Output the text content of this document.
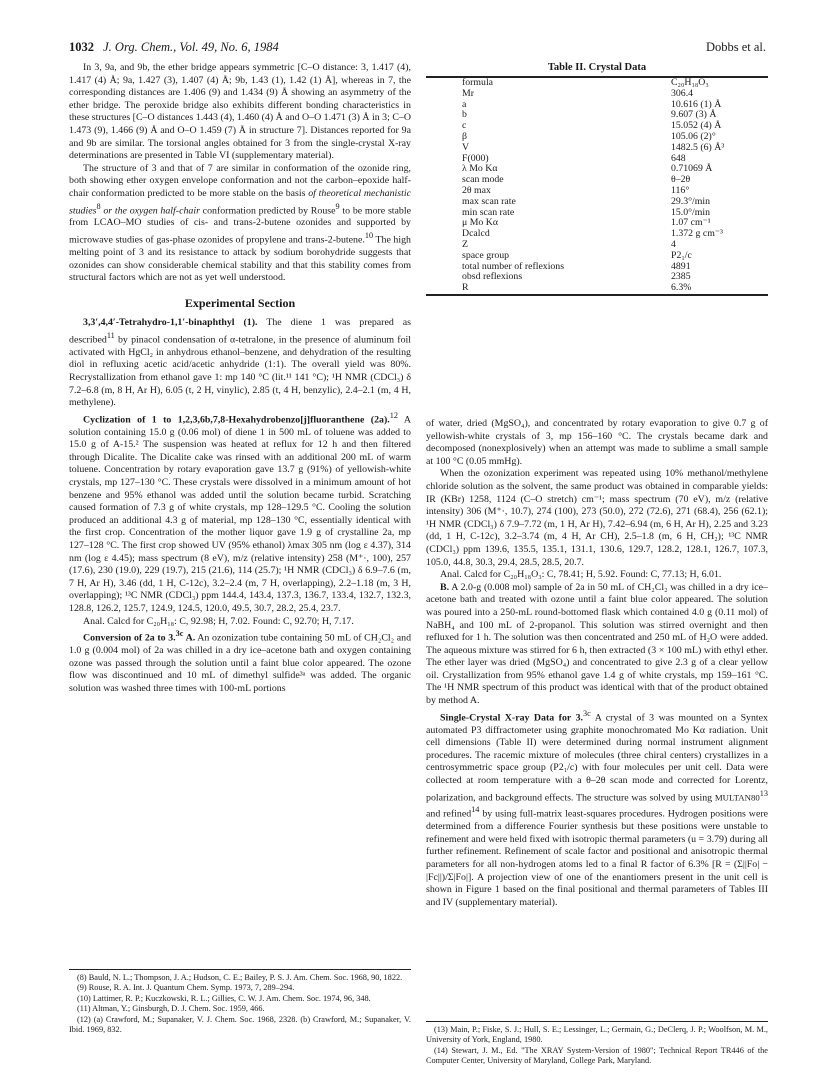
1032 J. Org. Chem., Vol. 49, No. 6, 1984	Dobbs et al.

In 3, 9a, and 9b, the ether bridge appears symmetric [C–O distance: 3, 1.417 (4), 1.417 (4) Å; 9a, 1.427 (3), 1.407 (4) Å; 9b, 1.43 (1), 1.42 (1) Å], whereas in 7, the corresponding distances are 1.406 (9) and 1.434 (9) Å showing an asymmetry of the ether bridge. The peroxide bridge also exhibits different bonding characteristics in these structures [C–O distances 1.443 (4), 1.460 (4) Å and O–O 1.471 (3) Å in 3; C–O 1.473 (9), 1.466 (9) Å and O–O 1.459 (7) Å in structure 7]. Distances reported for 9a and 9b are similar. The torsional angles obtained for 3 from the single-crystal X-ray determinations are presented in Table VI (supplementary material).

The structure of 3 and that of 7 are similar in conformation of the ozonide ring, both showing ether oxygen envelope conformation and not the carbon–epoxide half-chair conformation predicted to be more stable on the basis of theoretical mechanistic studies$^8$ or the oxygen half-chair conformation predicted by Rouse$^9$ to be more stable from LCAO–MO studies of cis- and trans-2-butene ozonides and supported by microwave studies of gas-phase ozonides of propylene and trans-2-butene.$^{10}$ The high melting point of 3 and its resistance to attack by sodium borohydride suggests that ozonides can show considerable chemical stability and that this stability comes from structural factors which are not as yet well understood.

Experimental Section

3,3′,4,4′-Tetrahydro-1,1′-binaphthyl (1). The diene 1 was prepared as described$^{11}$ by pinacol condensation of α-tetralone, in the presence of aluminum foil activated with HgCl₂ in anhydrous ethanol–benzene, and dehydration of the resulting diol in refluxing acetic acid/acetic anhydride (1:1). The overall yield was 80%. Recrystallization from ethanol gave 1: mp 140 °C (lit.¹¹ 141 °C); ¹H NMR (CDCl₃) δ 7.2–6.8 (m, 8 H, Ar H), 6.05 (t, 2 H, vinylic), 2.85 (t, 4 H, benzylic), 2.4–2.1 (m, 4 H, methylene).

Cyclization of 1 to 1,2,3,6b,7,8-Hexahydrobenzo[j]fluoranthene (2a).$^{12}$ A solution containing 15.0 g (0.06 mol) of diene 1 in 500 mL of toluene was added to 15.0 g of A-15.² The suspension was heated at reflux for 12 h and then filtered through Dicalite. The Dicalite cake was rinsed with an additional 200 mL of warm toluene. Concentration by rotary evaporation gave 13.7 g (91%) of yellowish-white crystals, mp 127–130 °C. These crystals were dissolved in a minimum amount of hot benzene and 95% ethanol was added until the solution became turbid. Scratching caused formation of 7.3 g of white crystals, mp 128–129.5 °C. Cooling the solution produced an additional 4.3 g of material, mp 128–130 °C, essentially identical with the first crop. Concentration of the mother liquor gave 1.9 g of crystalline 2a, mp 127–128 °C. The first crop showed UV (95% ethanol) λmax 305 nm (log ε 4.37), 314 nm (log ε 4.45); mass spectrum (8 eV), m/z (relative intensity) 258 (M⁺·, 100), 257 (17.6), 230 (19.0), 229 (19.7), 215 (21.6), 114 (25.7); ¹H NMR (CDCl₃) δ 6.9–7.6 (m, 7 H, Ar H), 3.46 (dd, 1 H, C-12c), 3.2–2.4 (m, 7 H, overlapping), 2.2–1.18 (m, 3 H, overlapping); ¹³C NMR (CDCl₃) ppm 144.4, 143.4, 137.3, 136.7, 133.4, 132.7, 132.3, 128.8, 126.2, 125.7, 124.9, 124.5, 120.0, 49.5, 30.7, 28.2, 25.4, 23.7.

Anal. Calcd for C₂₀H₁₈: C, 92.98; H, 7.02. Found: C, 92.70; H, 7.17.

Conversion of 2a to 3.$^{3c}$ A. An ozonization tube containing 50 mL of CH₂Cl₂ and 1.0 g (0.004 mol) of 2a was chilled in a dry ice–acetone bath and oxygen containing ozone was passed through the solution until a faint blue color appeared. The ozone flow was discontinued and 10 mL of dimethyl sulfide³ᵃ was added. The organic solution was washed three times with 100-mL portions

Table II. Crystal Data
formula	C₂₀H₁₈O₃
Mr	306.4
a	10.616 (1) Å
b	9.607 (3) Å
c	15.052 (4) Å
β	105.06 (2)°
V	1482.5 (6) Å³
F(000)	648
λ Mo Kα	0.71069 Å
scan mode	θ–2θ
2θ max	116°
max scan rate	29.3°/min
min scan rate	15.0°/min
μ Mo Kα	1.07 cm⁻¹
Dcalcd	1.372 g cm⁻³
Z	4
space group	P2₁/c
total number of reflexions	4891
obsd reflexions	2385
R	6.3%

of water, dried (MgSO₄), and concentrated by rotary evaporation to give 0.7 g of yellowish-white crystals of 3, mp 156–160 °C. The crystals became dark and decomposed (nonexplosively) when an attempt was made to sublime a small sample at 100 °C (0.05 mmHg).

When the ozonization experiment was repeated using 10% methanol/methylene chloride solution as the solvent, the same product was obtained in comparable yields: IR (KBr) 1258, 1124 (C–O stretch) cm⁻¹; mass spectrum (70 eV), m/z (relative intensity) 306 (M⁺·, 10.7), 274 (100), 273 (50.0), 272 (72.6), 271 (68.4), 256 (62.1); ¹H NMR (CDCl₃) δ 7.9–7.72 (m, 1 H, Ar H), 7.42–6.94 (m, 6 H, Ar H), 2.25 and 3.23 (dd, 1 H, C-12c), 3.2–3.74 (m, 4 H, Ar CH), 2.5–1.8 (m, 6 H, CH₂); ¹³C NMR (CDCl₃) ppm 139.6, 135.5, 135.1, 131.1, 130.6, 129.7, 128.2, 128.1, 126.7, 107.3, 105.0, 44.8, 30.3, 29.4, 28.5, 28.5, 20.7.

Anal. Calcd for C₂₀H₁₈O₃: C, 78.41; H, 5.92. Found: C, 77.13; H, 6.01.

B. A 2.0-g (0.008 mol) sample of 2a in 50 mL of CH₂Cl₂ was chilled in a dry ice–acetone bath and treated with ozone until a faint blue color appeared. The solution was poured into a 250-mL round-bottomed flask which contained 4.0 g (0.11 mol) of NaBH₄ and 100 mL of 2-propanol. This solution was stirred overnight and then refluxed for 1 h. The solution was then concentrated and 250 mL of H₂O were added. The aqueous mixture was stirred for 6 h, then extracted (3 × 100 mL) with ethyl ether. The ether layer was dried (MgSO₄) and concentrated to give 2.3 g of a clear yellow oil. Crystallization from 95% ethanol gave 1.4 g of white crystals, mp 159–161 °C. The ¹H NMR spectrum of this product was identical with that of the product obtained by method A.

Single-Crystal X-ray Data for 3.$^{3c}$ A crystal of 3 was mounted on a Syntex automated P3 diffractometer using graphite monochromated Mo Kα radiation. Unit cell dimensions (Table II) were determined during normal instrument alignment procedures. The racemic mixture of molecules (three chiral centers) crystallizes in a centrosymmetric space group (P2₁/c) with four molecules per unit cell. Data were collected at room temperature with a θ–2θ scan mode and corrected for Lorentz, polarization, and background effects. The structure was solved by using $MULTAN80^{13}$ and refined$^{14}$ by using full-matrix least-squares procedures. Hydrogen positions were determined from a difference Fourier synthesis but these positions were unstable to refinement and were held fixed with isotropic thermal parameters (u = 3.79) during all further refinement. Refinement of scale factor and positional and anisotropic thermal parameters for all non-hydrogen atoms led to a final R factor of 6.3% [R = (Σ||Fo| − |Fc||)/Σ|Fo|]. A projection view of one of the enantiomers present in the unit cell is shown in Figure 1 based on the final positional and thermal parameters of Tables III and IV (supplementary material).

(8) Bauld, N. L.; Thompson, J. A.; Hudson, C. E.; Bailey, P. S. J. Am. Chem. Soc. 1968, 90, 1822.

(9) Rouse, R. A. Int. J. Quantum Chem. Symp. 1973, 7, 289–294.

(10) Lattimer, R. P.; Kuczkowski, R. L.; Gillies, C. W. J. Am. Chem. Soc. 1974, 96, 348.

(11) Altman, Y.; Ginsburgh, D. J. Chem. Soc. 1959, 466.

(12) (a) Crawford, M.; Supanaker, V. J. Chem. Soc. 1968, 2328. (b) Crawford, M.; Supanaker, V. Ibid. 1969, 832.	(13) Main, P.; Fiske, S. J.; Hull, S. E.; Lessinger, L.; Germain, G.; DeClerq, J. P.; Woolfson, M. M., University of York, England, 1980.

(14) Stewart, J. M., Ed. "The XRAY System-Version of 1980"; Technical Report TR446 of the Computer Center, University of Maryland, College Park, Maryland.
